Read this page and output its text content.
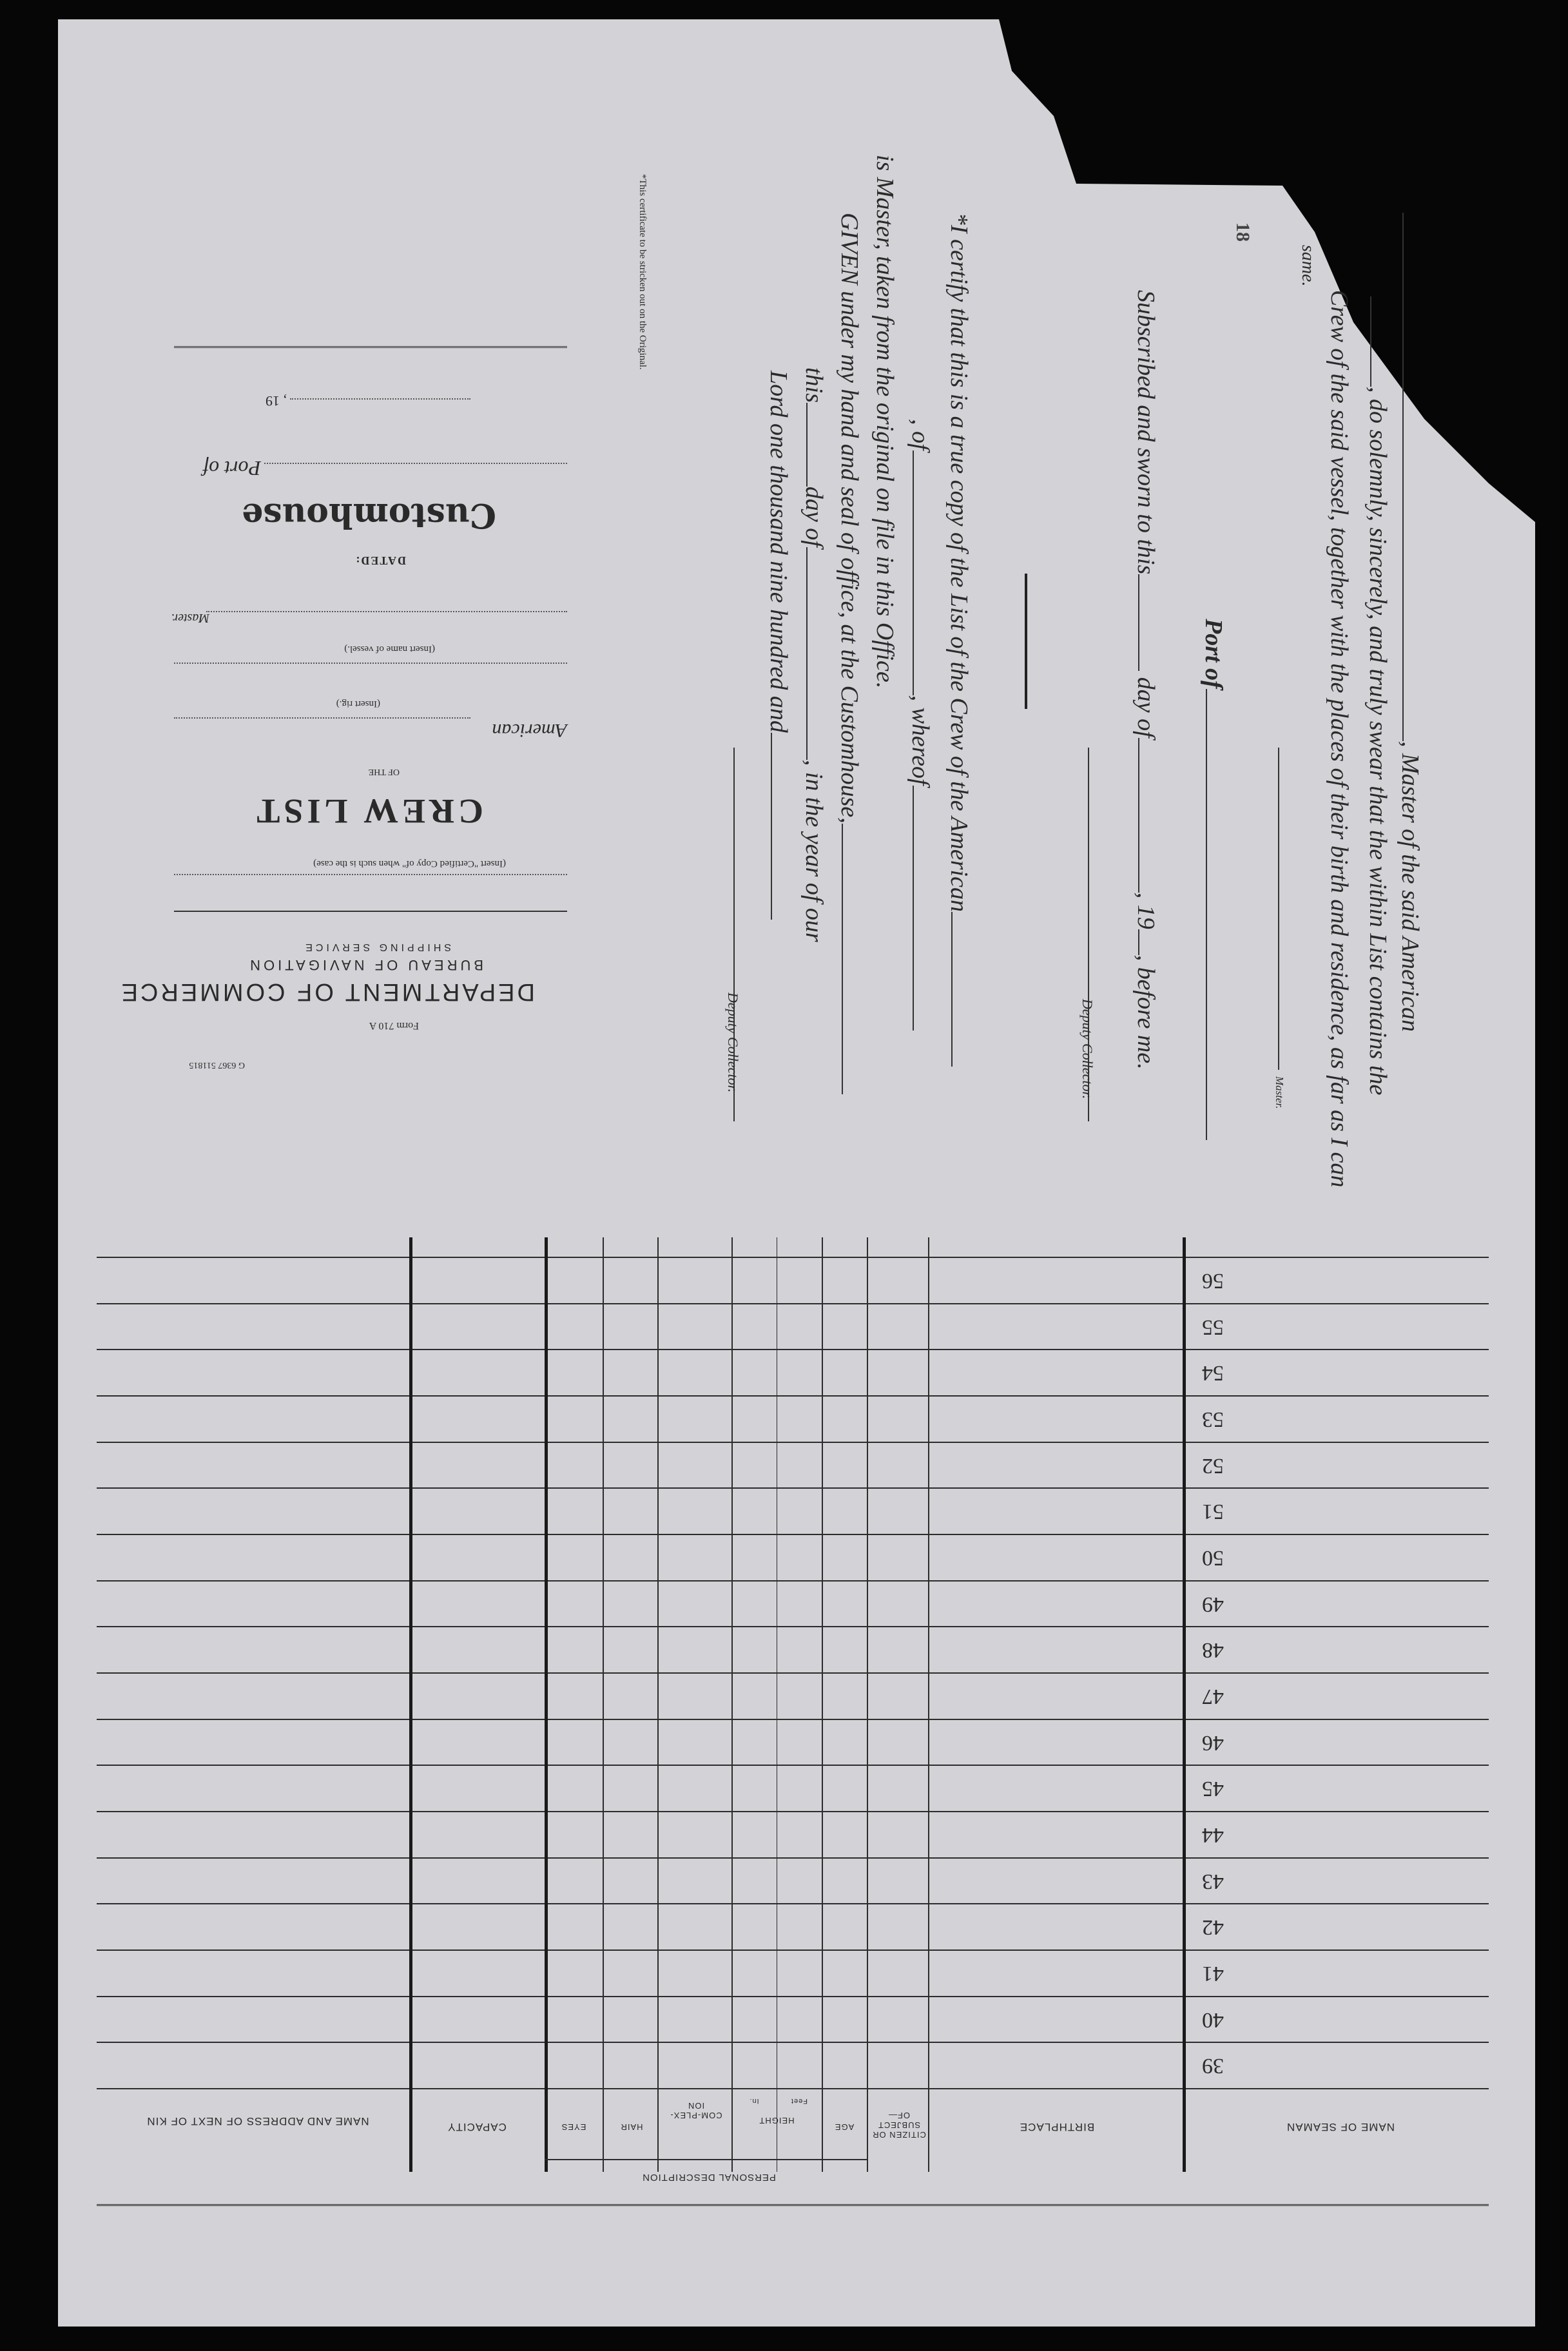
, Master of the said American
, do solemnly, sincerely, and truly swear that the within List contains the
Crew of the said vessel, together with the places of their birth and residence, as far as I can
same.
Master.
Port of
Subscribed and sworn to this day of, 19, before me.
Deputy Collector.
*I certify that this is a true copy of the List of the Crew of the American
, of, whereof
is Master, taken from the original on file in this Office.
GIVEN under my hand and seal of office, at the Customhouse,
thisday of, in the year of our
Lord one thousand nine hundred and
Deputy Collector.
*This certificate to be stricken out on the Original.
G 6367 511815
Form 710 A
DEPARTMENT OF COMMERCE
BUREAU OF NAVIGATION
SHIPPING SERVICE
(Insert "Certified Copy of" when such is the case)
CREW LIST
OF THE
American
(Insert rig.)
(Insert name of vessel.)
Master.
DATED:
Customhouse
Port of
, 19
NAME OF SEAMAN
BIRTHPLACE
CITIZEN OR SUBJECT OF—
AGE
HEIGHT
Feet
In.
COM-PLEX-ION
HAIR
EYES
PERSONAL DESCRIPTION
CAPACITY
NAME AND ADDRESS OF NEXT OF KIN
39
40
41
42
43
44
45
46
47
48
49
50
51
52
53
54
55
56
18
